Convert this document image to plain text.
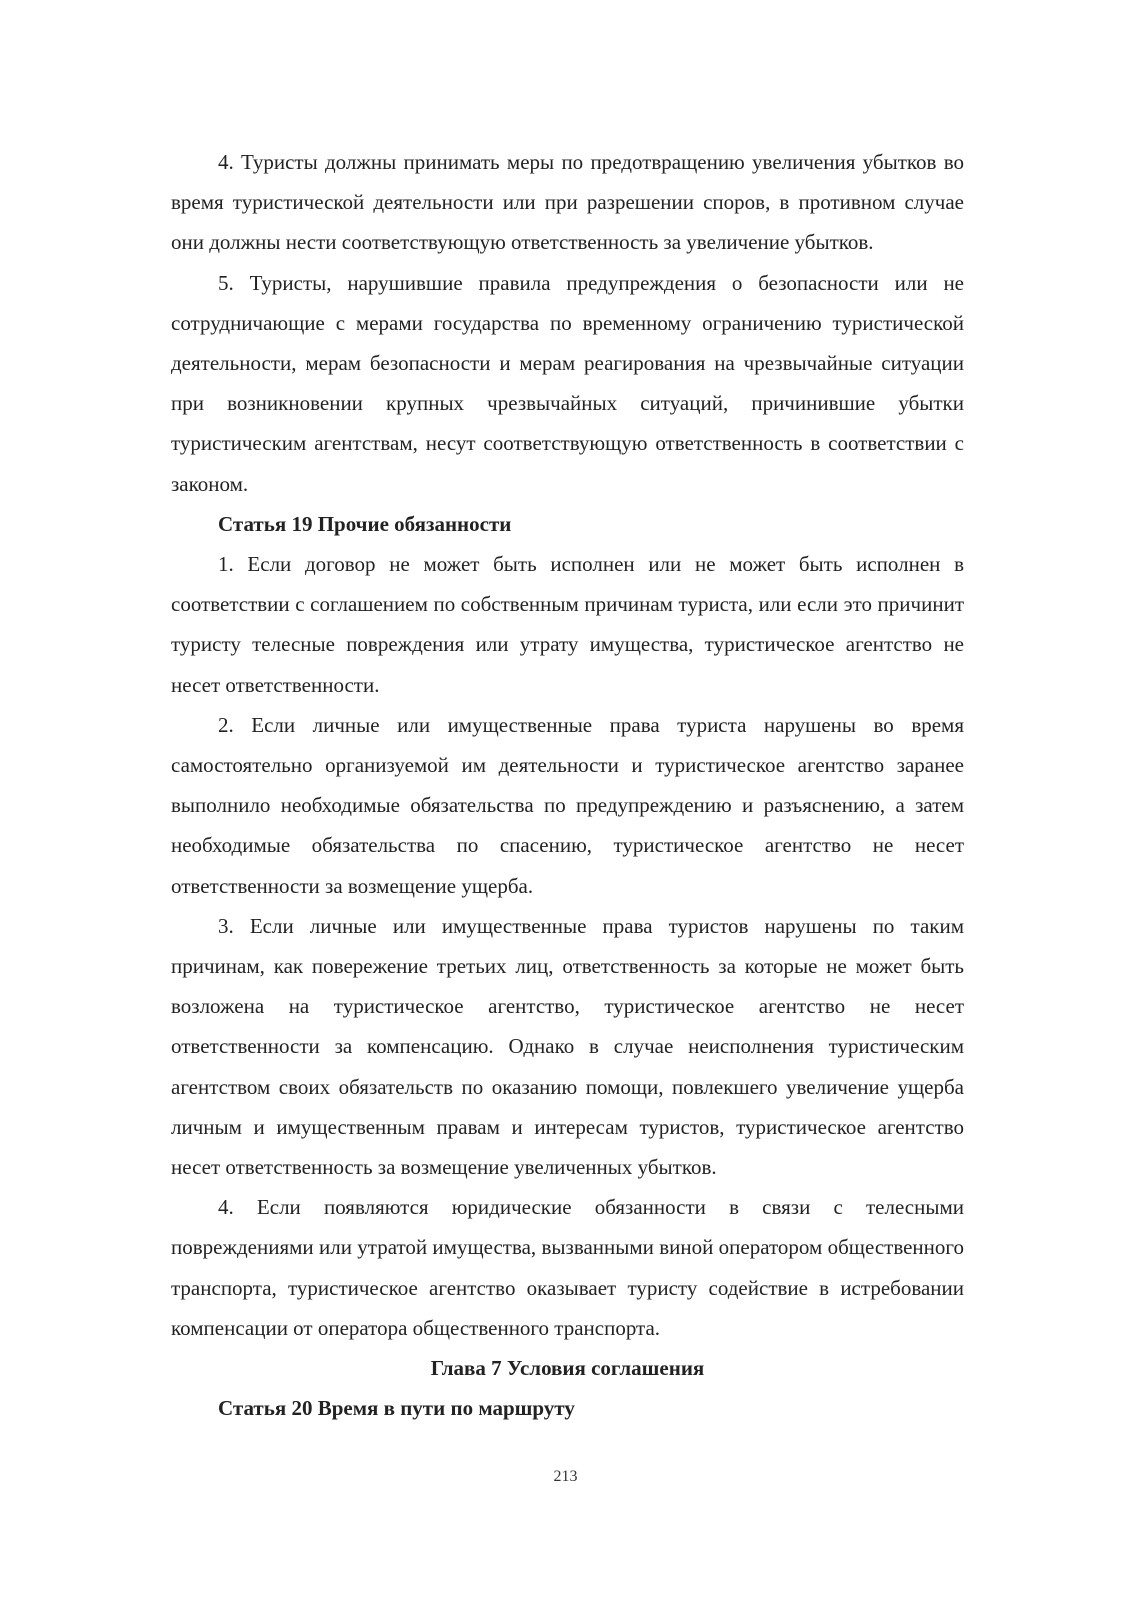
4. Туристы должны принимать меры по предотвращению увеличения убытков во время туристической деятельности или при разрешении споров, в противном случае они должны нести соответствующую ответственность за увеличение убытков.

5. Туристы, нарушившие правила предупреждения о безопасности или не сотрудничающие с мерами государства по временному ограничению туристической деятельности, мерам безопасности и мерам реагирования на чрезвычайные ситуации при возникновении крупных чрезвычайных ситуаций, причинившие убытки туристическим агентствам, несут соответствующую ответственность в соответствии с законом.

Статья 19 Прочие обязанности

1. Если договор не может быть исполнен или не может быть исполнен в соответствии с соглашением по собственным причинам туриста, или если это причинит туристу телесные повреждения или утрату имущества, туристическое агентство не несет ответственности.

2. Если личные или имущественные права туриста нарушены во время самостоятельно организуемой им деятельности и туристическое агентство заранее выполнило необходимые обязательства по предупреждению и разъяснению, а затем необходимые обязательства по спасению, туристическое агентство не несет ответственности за возмещение ущерба.

3. Если личные или имущественные права туристов нарушены по таким причинам, как повережение третьих лиц, ответственность за которые не может быть возложена на туристическое агентство, туристическое агентство не несет ответственности за компенсацию. Однако в случае неисполнения туристическим агентством своих обязательств по оказанию помощи, повлекшего увеличение ущерба личным и имущественным правам и интересам туристов, туристическое агентство несет ответственность за возмещение увеличенных убытков.

4. Если появляются юридические обязанности в связи с телесными повреждениями или утратой имущества, вызванными виной оператором общественного транспорта, туристическое агентство оказывает туристу содействие в истребовании компенсации от оператора общественного транспорта.

Глава 7 Условия соглашения

Статья 20 Время в пути по маршруту

213
